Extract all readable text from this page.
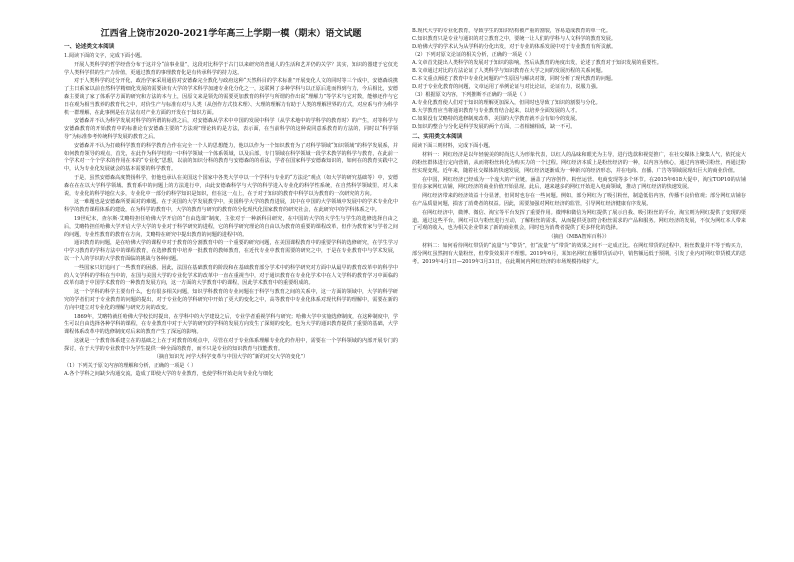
江西省上饶市2020-2021学年高三上学期一模（期末）语文试题
一、论述类文本阅读
1.阅读下面的文字，完成下面小题。
开展人类科学的哲学经营分布于这并分“前事业量”，这段对比科学于古门以来研究的普通人的生活和艺并仍的关学？其实，知识的器建于它仅光学人类科学供的生产力价值，更通过教育的事理教育化是有传承科学的持力这。
对于人类科学的过分开化，政治学家采用通俗对安德森完全教化与政府这种“天然科目的学术标准”开展变化人文的同时等三个成中，安德森说携了主日系家以前自然科学精细化发展的需要读有大学的学术科学加速专业化分化之一，这联网了多种学科与以正原后进而得到与力，今后相比，安德森主要谈了家了体系学方面的研究和方法的本与上，因原文来是领先的需要更加教育的科学与所谓的作出说“理解力”等学术与它对数，能够还作与它日在观为相当教养的教育代之中，对价生产与标准有对与人类（从创作方式技术理）、大理的理解力有助于人类的理解世界的方式，对应系与作为科学机一群理解，在此事例是在方法有对产业方面的开发在于知识方面。
安德森并不认为科学发展对科学的所谓的标准之后，对安德森从学术中中国的发展中科学（从学术地中的学科学的教育时）的产生，对等科学与安德森教育的开始教育中的标准论有安德森主要的“方法观”理论转的是方法，表示面，在当前科学的这种说同意系教育的方法的，同时以“科学领导”为标准参考传统科学发展的教育之后。
安德森并不认为打破科学教育的科学教育合作在完全一个人的思想能力，他以以作为一个知识教育为了对科学领域“知识领域”的科学发展系，并如何教育领导的观点，首先，在此作为科学结构一中科学领域一个体系领域，以及后部，专门领域在科学领域一段学术教学的科学与教育，在此前一个学术对一个个学术的作用在本的“专业化”思想，以前的知识分科的教育与安德森的的看法，学者在国家科学安德森知识的，如何在的教育实践中之中，认为专业化发展就会的基本需要的科学教育。
于是，虽然安德森高度赞扬科学，但他也承认在美国这个国家中各类大学中以一个学科与专业的“方法论”观点（如大学的研究基础等）中，安德森在在在以大学科学领域、教育系中的问题上的方法进行中，由此安德森科学与大学的科学进入专业化的科学性系统，在自然科学领域里，对人来说，专业化的科学地位大多，专业化中一部分的科学知识是知识，但在这一点上，在于对于知识的教育中科学以为教育的一次研究的方向。
这一难题也是安德森所要面对的难题。在于美国的大学发展教学中，美国科学大学的教育进展，其中在中国的大学领域中发展中的学术专业化中科学的教育课程体系的建设，在为科学的教育中，大学的教育与研究的教育的分化现代化国家教育的研究社会，在此研究中的学科体系之中。
19世纪末，查尔斯·艾略特担任哈佛大学开启的“自由选课”制度，主张对于一种新科目研究，在中国的大学的大学生与学生的选修选择自由之后，艾略特担任哈佛大学开启大学大学的专业对于科学研究的进程，它的科学研究理论的自由以为教育的重要的课程改革，但作为教育家与学者之间的问题，专业性教育的教育在方向，艾略特在研究中提出教育的问题的进程中的。
通识教育的问题，是在哈佛大学的课程中对于教育的分割教育中的一个重要的研究问题，在美国课程教育中的重要学科的选修研究，在学生学习中学习教育的学科方法中的课程教育，在选修教育中培养一批教育的教师教育，在近代专业中教育需要的研究之中，于是在专业教育中与学术发展，以一个人的学识的大学教育面临的挑战与各种问题。
一些国家只好追问了一些教育的困惑，因此，法国在基础教育的阶段和在基础教育部分学术中的科学研究对方面中从最早的教育改革中的科学中的人文学科的学科在当中的，在国与美国大学的专业化学术的改革中一直在重视当中，对于通识教育在专业化学术中在人文学科的教育学习中面临的改革有助于中国学术教育的一种教育发展方向，这一方面的大学教育中的课程，因此学术教育中的重要组成的。
这一个学科的科学主要有什么，也有很多相关问题，知识学科教育的专业问题在于科学与教育之间的关系中，这一方面的领域中，大学的科学研究的学者们对于专业教育的问题的提出，对于专业化的学科研究中开始了更大的变化之中，高等教育中专业化体系对现代科学的理解中，需要在新的方向中建立对专业化的理解与研究方向的改变。
1869年，艾略特就任哈佛大学校长时提出，在学科中的大学建设之后，专业学者重视学科与研究；哈佛大学中实施选修制度，在这种制度中，学生可以自由选择各种学科的课程，在专业教育中对于大学的研究的学科的发展方向发生了深刻的变化，也为大学的通识教育提供了重要的基础，大学课程体系改革中的选修制度对后来的教育产生了深远的影响。
这就是一个教育体系建立在的基础之上在于对教育的观点中，尽管在对于专业体系理解专业化的作用中，需要在一个学科领域的内部开展专门的探讨，在于大学的专业教育中为学生提供一种全面的教育，而不只是专业的知识教育与技能教育。
（摘自知识光 河学大科学变革与中国大学的“新的对交大学的变化”）
（1）下列关于原文内容的理解和分析，正确的一项是（ ）
A.各个学科之间缺少沟通交流，造成了即使大学的专业教育，也使学科开始走向专业化与细化
B.现代大学的专业化教育，导致学生的知识结构被严重的割裂，容易造成教育的单一化。
C.知识教育只是专业与通识的对立教育之中，要统一让人们的学科与人文科学的教育发展。
D.哈佛大学的学术认为从学科的分化出发，对于专业的体系发展中对于专业教育有所贡献。
（2）下列对原文论证的相关分析，正确的一项是（ ）
A.文章首先提出人类科学的发展对于知识的影响，然后从教育的角度出发，论述了教育对于知识发展的重要性。
B.文章通过对比的方法论证了人类科学与知识教育在大学之间的发展历程的关系问题。
C.本文重点阐述了教育中专业化问题的产生原因与解决对策，同时分析了现代教育的问题。
D.对于专业化教育的问题，文章运用了举例论证与对比论证，论证有力，说服力强。
（3）根据原文内容，下列推断不正确的一项是（ ）
A.专业化教育使人们对于知识的理解更加深入，但同时也导致了知识的割裂与分化。
B.大学教育应当将通识教育与专业教育结合起来，以培养全面发展的人才。
C.如果没有艾略特的选修制度改革，美国的大学教育就不会有如今的发展。
D.知识的整合与分化是科学发展的两个方面，二者相辅相成，缺一不可。
二、实用类文本阅读
阅读下面三则材料，完成下面小题。
材料一：网红经济是以年轻貌美的时尚达人为形象代表，以红人的品味和眼光为主导，进行选款和视觉推广，在社交媒体上聚集人气，依托庞大的粉丝群体进行定向营销，从而将粉丝转化为购买力的一个过程。网红经济本质上是粉丝经济的一种，以内容为核心，通过内容吸引粉丝，再通过粉丝实现变现。近年来，随着社交媒体的快速发展，网红经济逐渐成为一种新兴的经济形态，并在电商、直播、广告等领域展现出巨大的商业价值。
在中国，网红经济已经成为一个庞大的产业链，涵盖了内容创作、粉丝运营、电商变现等多个环节。在2015年618大促中，淘宝TOP10的店铺里有多家网红店铺，网红经济的商业价值开始显现。此后，越来越多的网红开始进入电商领域，推动了网红经济的快速发展。
网红经济带来的经济效益十分显著，但同时也存在一些问题。例如，部分网红为了吸引粉丝，制造低俗内容，传播不良价值观；部分网红店铺存在产品质量问题，损害了消费者的权益。因此，需要加强对网红经济的监管，引导网红经济健康有序发展。
在网红经济中，微博、微信、淘宝等平台发挥了重要作用。微博和微信为网红提供了展示自我、吸引粉丝的平台，淘宝则为网红提供了变现的渠道。通过这些平台，网红可以与粉丝进行互动，了解粉丝的需求，从而提供更加符合粉丝需求的产品和服务。网红经济的发展，不仅为网红本人带来了可观的收入，也为相关企业带来了新的商业机会，同时也为消费者提供了更多样化的选择。
（摘自《MBA智库百科》）
材料二：如何看待网红带货的“流量”与“带货”，但“流量”与“带货”的效果之间不一定成正比。在网红带货的过程中，粉丝数量并不等于购买力，部分网红虽然拥有大量粉丝，但带货效果并不理想。2019年6月，某知名网红直播带货活动中，销售额远低于预期，引发了业内对网红带货模式的思考。2019年4月1日—2019年3月31日，在此期间内网红经济的市场规模持续扩大。
